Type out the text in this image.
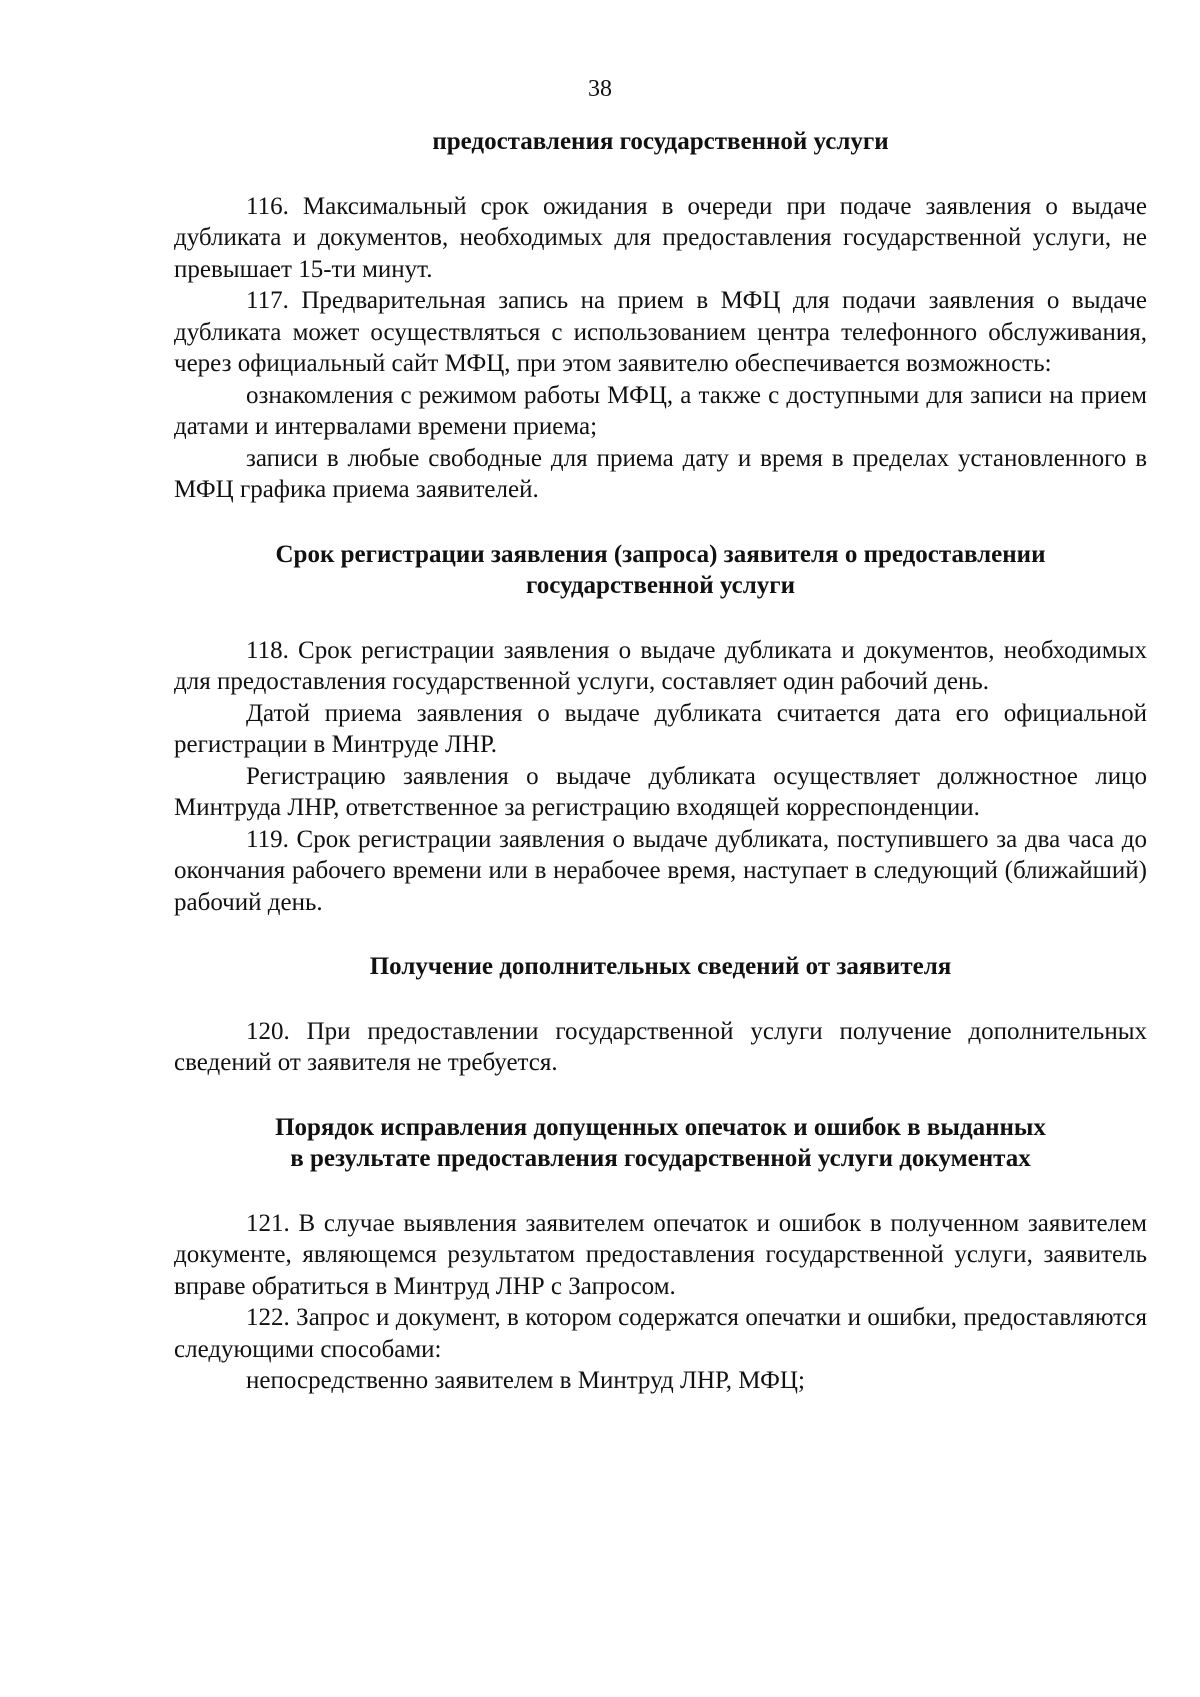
38
предоставления государственной услуги

116. Максимальный срок ожидания в очереди при подаче заявления о выдаче дубликата и документов, необходимых для предоставления государственной услуги, не превышает 15-ти минут.

117. Предварительная запись на прием в МФЦ для подачи заявления о выдаче дубликата может осуществляться с использованием центра телефонного обслуживания, через официальный сайт МФЦ, при этом заявителю обеспечивается возможность:

ознакомления с режимом работы МФЦ, а также с доступными для записи на прием датами и интервалами времени приема;

записи в любые свободные для приема дату и время в пределах установленного в МФЦ графика приема заявителей.

Срок регистрации заявления (запроса) заявителя о предоставлении
государственной услуги

118. Срок регистрации заявления о выдаче дубликата и документов, необходимых для предоставления государственной услуги, составляет один рабочий день.

Датой приема заявления о выдаче дубликата считается дата его официальной регистрации в Минтруде ЛНР.

Регистрацию заявления о выдаче дубликата осуществляет должностное лицо Минтруда ЛНР, ответственное за регистрацию входящей корреспонденции.

119. Срок регистрации заявления о выдаче дубликата, поступившего за два часа до окончания рабочего времени или в нерабочее время, наступает в следующий (ближайший) рабочий день.

Получение дополнительных сведений от заявителя

120. При предоставлении государственной услуги получение дополнительных сведений от заявителя не требуется.

Порядок исправления допущенных опечаток и ошибок в выданных
в результате предоставления государственной услуги документах

121. В случае выявления заявителем опечаток и ошибок в полученном заявителем документе, являющемся результатом предоставления государственной услуги, заявитель вправе обратиться в Минтруд ЛНР с Запросом.

122. Запрос и документ, в котором содержатся опечатки и ошибки, предоставляются следующими способами:

непосредственно заявителем в Минтруд ЛНР, МФЦ;
